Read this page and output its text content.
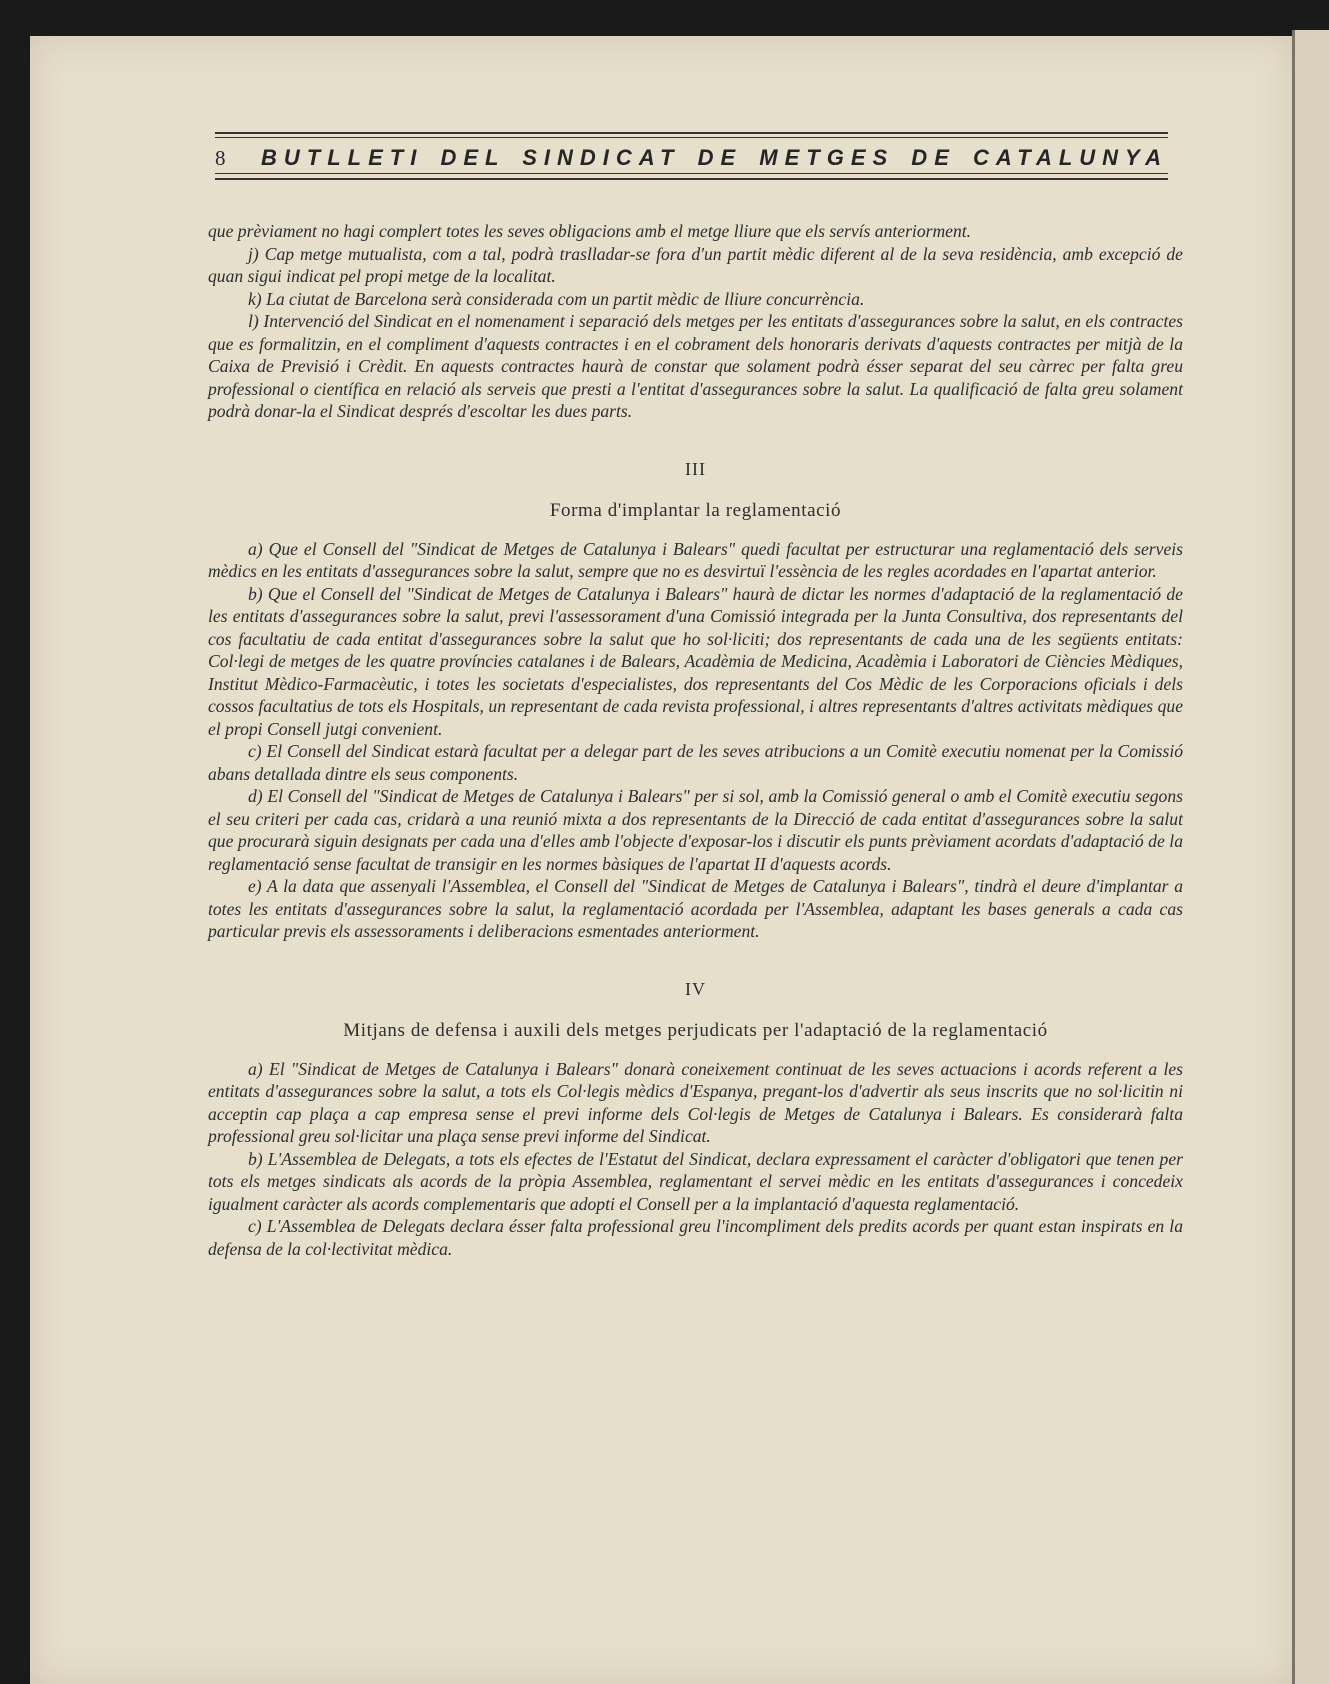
8	BUTLLETI DEL SINDICAT DE METGES DE CATALUNYA

que prèviament no hagi complert totes les seves obligacions amb el metge lliure que els servís anteriorment.

j) Cap metge mutualista, com a tal, podrà traslladar-se fora d'un partit mèdic diferent al de la seva residència, amb excepció de quan sigui indicat pel propi metge de la localitat.

k) La ciutat de Barcelona serà considerada com un partit mèdic de lliure concurrència.

l) Intervenció del Sindicat en el nomenament i separació dels metges per les entitats d'assegurances sobre la salut, en els contractes que es formalitzin, en el compliment d'aquests contractes i en el cobrament dels honoraris derivats d'aquests contractes per mitjà de la Caixa de Previsió i Crèdit. En aquests contractes haurà de constar que solament podrà ésser separat del seu càrrec per falta greu professional o científica en relació als serveis que presti a l'entitat d'assegurances sobre la salut. La qualificació de falta greu solament podrà donar-la el Sindicat després d'escoltar les dues parts.

III

Forma d'implantar la reglamentació

a) Que el Consell del "Sindicat de Metges de Catalunya i Balears" quedi facultat per estructurar una reglamentació dels serveis mèdics en les entitats d'assegurances sobre la salut, sempre que no es desvirtuï l'essència de les regles acordades en l'apartat anterior.

b) Que el Consell del "Sindicat de Metges de Catalunya i Balears" haurà de dictar les normes d'adaptació de la reglamentació de les entitats d'assegurances sobre la salut, previ l'assessorament d'una Comissió integrada per la Junta Consultiva, dos representants del cos facultatiu de cada entitat d'assegurances sobre la salut que ho sol·liciti; dos representants de cada una de les següents entitats: Col·legi de metges de les quatre províncies catalanes i de Balears, Acadèmia de Medicina, Acadèmia i Laboratori de Ciències Mèdiques, Institut Mèdico-Farmacèutic, i totes les societats d'especialistes, dos representants del Cos Mèdic de les Corporacions oficials i dels cossos facultatius de tots els Hospitals, un representant de cada revista professional, i altres representants d'altres activitats mèdiques que el propi Consell jutgi convenient.

c) El Consell del Sindicat estarà facultat per a delegar part de les seves atribucions a un Comitè executiu nomenat per la Comissió abans detallada dintre els seus components.

d) El Consell del "Sindicat de Metges de Catalunya i Balears" per si sol, amb la Comissió general o amb el Comitè executiu segons el seu criteri per cada cas, cridarà a una reunió mixta a dos representants de la Direcció de cada entitat d'assegurances sobre la salut que procurarà siguin designats per cada una d'elles amb l'objecte d'exposar-los i discutir els punts prèviament acordats d'adaptació de la reglamentació sense facultat de transigir en les normes bàsiques de l'apartat II d'aquests acords.

e) A la data que assenyali l'Assemblea, el Consell del "Sindicat de Metges de Catalunya i Balears", tindrà el deure d'implantar a totes les entitats d'assegurances sobre la salut, la reglamentació acordada per l'Assemblea, adaptant les bases generals a cada cas particular previs els assessoraments i deliberacions esmentades anteriorment.

IV

Mitjans de defensa i auxili dels metges perjudicats per l'adaptació de la reglamentació

a) El "Sindicat de Metges de Catalunya i Balears" donarà coneixement continuat de les seves actuacions i acords referent a les entitats d'assegurances sobre la salut, a tots els Col·legis mèdics d'Espanya, pregant-los d'advertir als seus inscrits que no sol·licitin ni acceptin cap plaça a cap empresa sense el previ informe dels Col·legis de Metges de Catalunya i Balears. Es considerarà falta professional greu sol·licitar una plaça sense previ informe del Sindicat.

b) L'Assemblea de Delegats, a tots els efectes de l'Estatut del Sindicat, declara expressament el caràcter d'obligatori que tenen per tots els metges sindicats als acords de la pròpia Assemblea, reglamentant el servei mèdic en les entitats d'assegurances i concedeix igualment caràcter als acords complementaris que adopti el Consell per a la implantació d'aquesta reglamentació.

c) L'Assemblea de Delegats declara ésser falta professional greu l'incompliment dels predits acords per quant estan inspirats en la defensa de la col·lectivitat mèdica.
